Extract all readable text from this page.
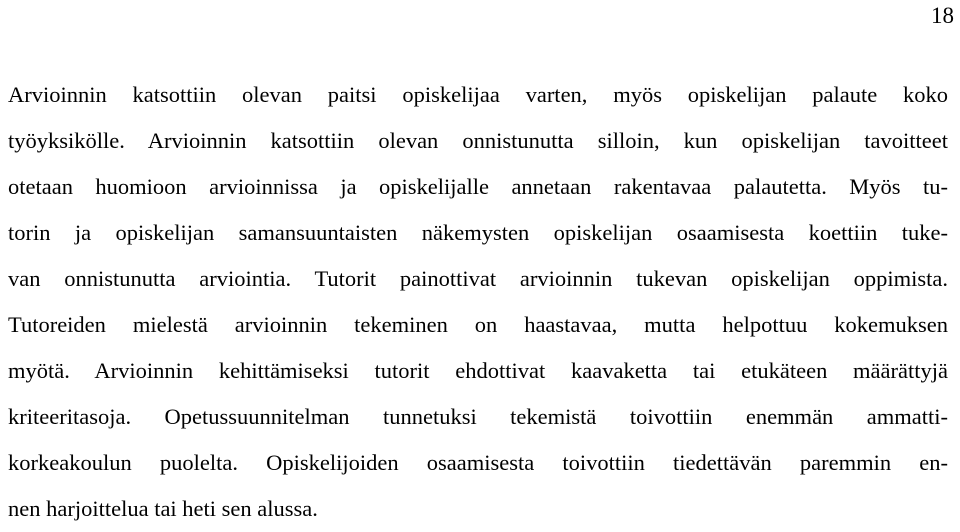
18

Arvioinnin katsottiin olevan paitsi opiskelijaa varten, myös opiskelijan palaute koko
työyksikölle. Arvioinnin katsottiin olevan onnistunutta silloin, kun opiskelijan tavoitteet
otetaan huomioon arvioinnissa ja opiskelijalle annetaan rakentavaa palautetta. Myös tu-
torin ja opiskelijan samansuuntaisten näkemysten opiskelijan osaamisesta koettiin tuke-
van onnistunutta arviointia. Tutorit painottivat arvioinnin tukevan opiskelijan oppimista.
Tutoreiden mielestä arvioinnin tekeminen on haastavaa, mutta helpottuu kokemuksen
myötä. Arvioinnin kehittämiseksi tutorit ehdottivat kaavaketta tai etukäteen määrättyjä
kriteeritasoja. Opetussuunnitelman tunnetuksi tekemistä toivottiin enemmän ammatti-
korkeakoulun puolelta. Opiskelijoiden osaamisesta toivottiin tiedettävän paremmin en-
nen harjoittelua tai heti sen alussa.
